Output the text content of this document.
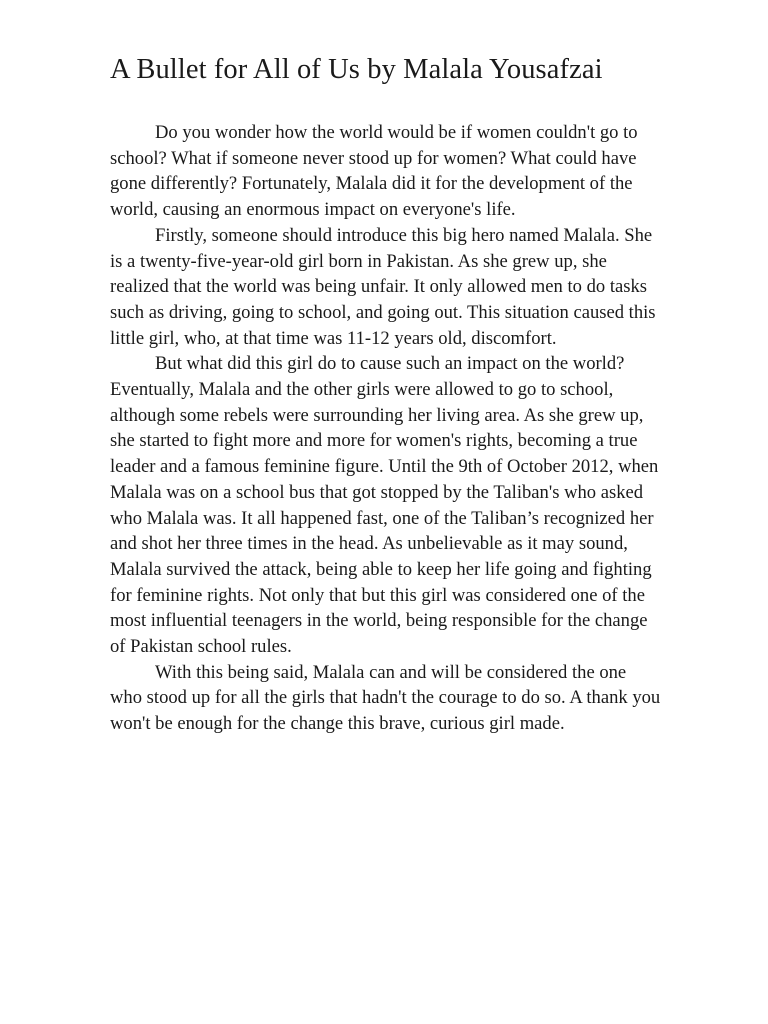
A Bullet for All of Us by Malala Yousafzai

Do you wonder how the world would be if women couldn't go to school? What if someone never stood up for women? What could have gone differently? Fortunately, Malala did it for the development of the world, causing an enormous impact on everyone's life.

Firstly, someone should introduce this big hero named Malala. She is a twenty-five-year-old girl born in Pakistan. As she grew up, she realized that the world was being unfair. It only allowed men to do tasks such as driving, going to school, and going out. This situation caused this little girl, who, at that time was 11-12 years old, discomfort.

But what did this girl do to cause such an impact on the world? Eventually, Malala and the other girls were allowed to go to school, although some rebels were surrounding her living area. As she grew up, she started to fight more and more for women's rights, becoming a true leader and a famous feminine figure. Until the 9th of October 2012, when Malala was on a school bus that got stopped by the Taliban's who asked who Malala was. It all happened fast, one of the Taliban’s recognized her and shot her three times in the head. As unbelievable as it may sound, Malala survived the attack, being able to keep her life going and fighting for feminine rights. Not only that but this girl was considered one of the most influential teenagers in the world, being responsible for the change of Pakistan school rules.

With this being said, Malala can and will be considered the one who stood up for all the girls that hadn't the courage to do so. A thank you won't be enough for the change this brave, curious girl made.
